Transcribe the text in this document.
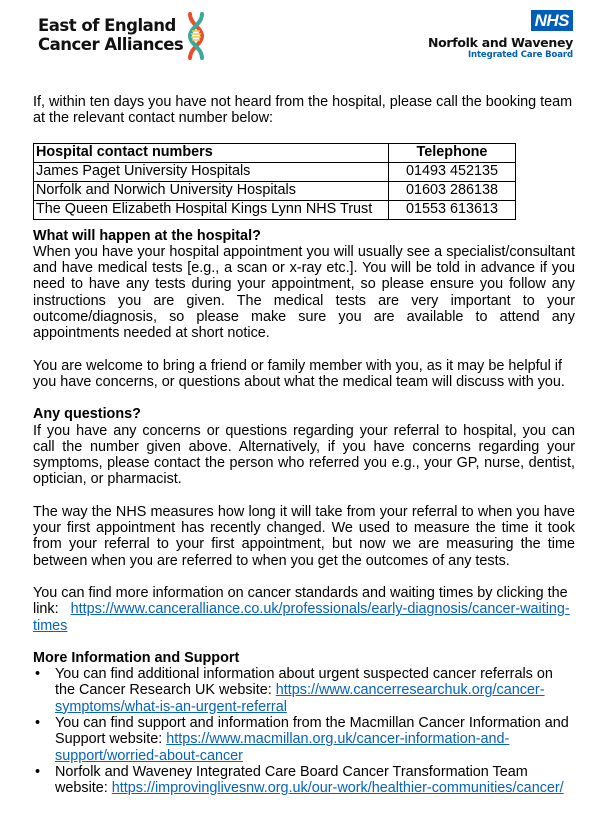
East of England
Cancer Alliances
NHS
Norfolk and Waveney
Integrated Care Board

If, within ten days you have not heard from the hospital, please call the booking team at the relevant contact number below:

Hospital contact numbers	Telephone
James Paget University Hospitals	01493 452135
Norfolk and Norwich University Hospitals	01603 286138
The Queen Elizabeth Hospital Kings Lynn NHS Trust	01553 613613

What will happen at the hospital?

When you have your hospital appointment you will usually see a specialist/consultant and have medical tests [e.g., a scan or x-ray etc.]. You will be told in advance if you need to have any tests during your appointment, so please ensure you follow any instructions you are given. The medical tests are very important to your outcome/diagnosis, so please make sure you are available to attend any appointments needed at short notice.

You are welcome to bring a friend or family member with you, as it may be helpful if you have concerns, or questions about what the medical team will discuss with you.

Any questions?

If you have any concerns or questions regarding your referral to hospital, you can call the number given above. Alternatively, if you have concerns regarding your symptoms, please contact the person who referred you e.g., your GP, nurse, dentist, optician, or pharmacist.

The way the NHS measures how long it will take from your referral to when you have your first appointment has recently changed. We used to measure the time it took from your referral to your first appointment, but now we are measuring the time between when you are referred to when you get the outcomes of any tests.

You can find more information on cancer standards and waiting times by clicking the link:   https://www.canceralliance.co.uk/professionals/early-diagnosis/cancer-waiting-times

More Information and Support

• You can find additional information about urgent suspected cancer referrals on the Cancer Research UK website: https://www.cancerresearchuk.org/cancer-symptoms/what-is-an-urgent-referral
• You can find support and information from the Macmillan Cancer Information and Support website: https://www.macmillan.org.uk/cancer-information-and-support/worried-about-cancer
• Norfolk and Waveney Integrated Care Board Cancer Transformation Team website: https://improvinglivesnw.org.uk/our-work/healthier-communities/cancer/
